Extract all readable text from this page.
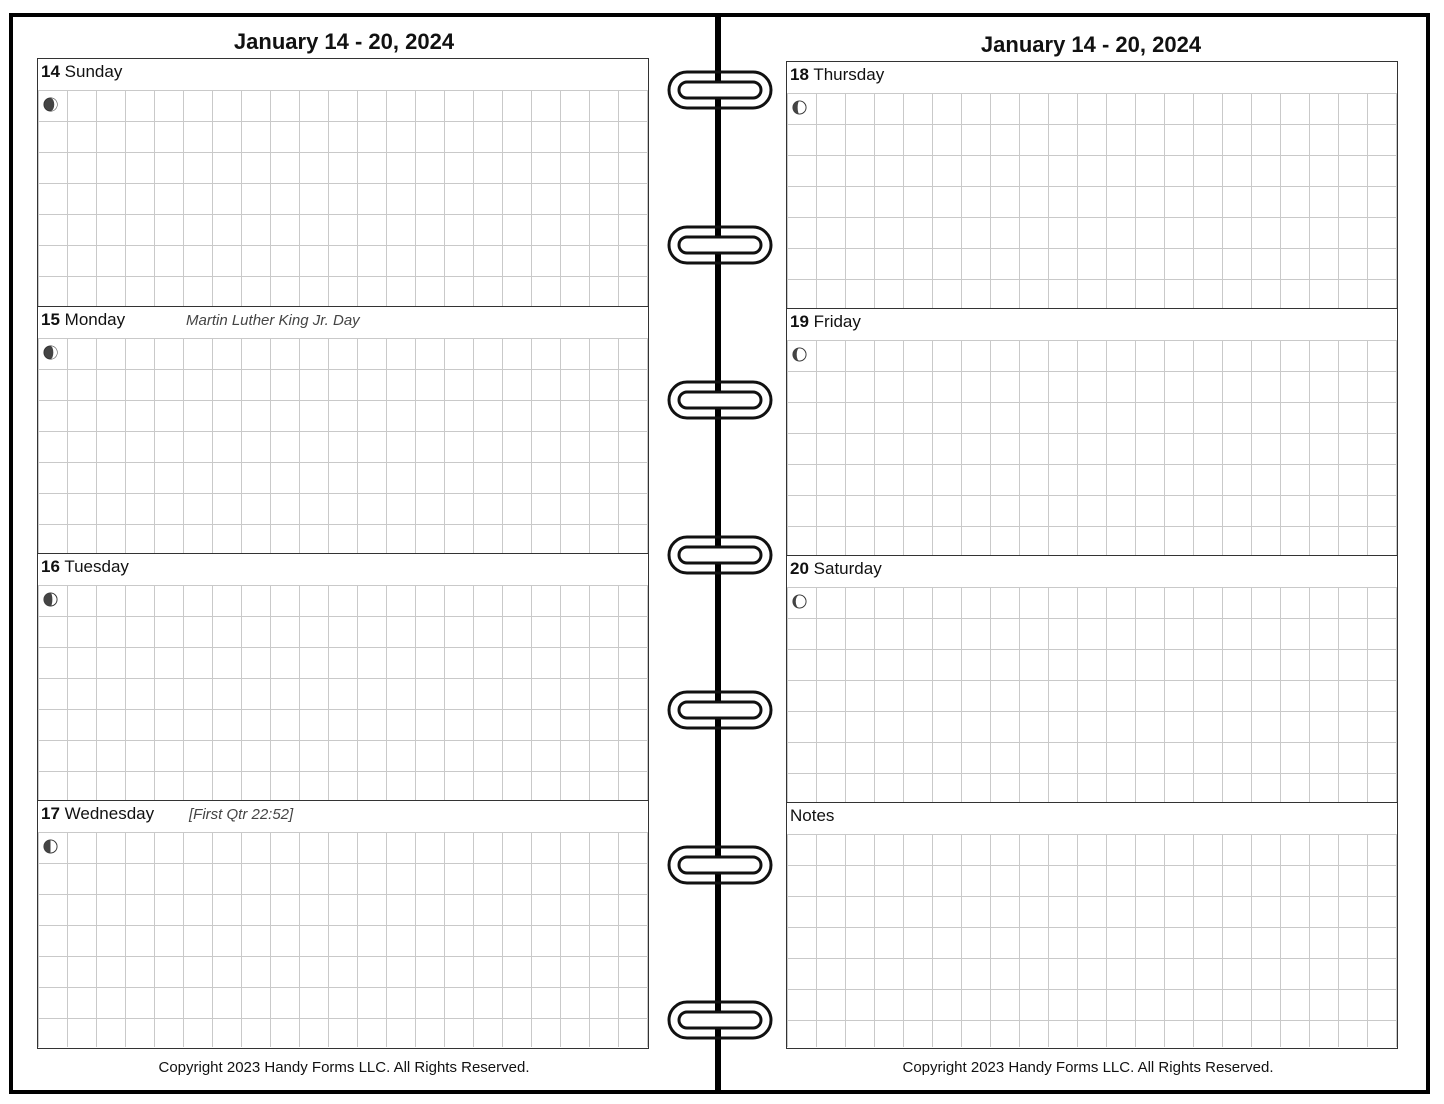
January 14 - 20, 2024
14 Sunday
15 Monday	Martin Luther King Jr. Day
16 Tuesday
17 Wednesday [First Qtr 22:52]
Copyright 2023 Handy Forms LLC. All Rights Reserved.
January 14 - 20, 2024
18 Thursday
19 Friday
20 Saturday
Notes
Copyright 2023 Handy Forms LLC. All Rights Reserved.
